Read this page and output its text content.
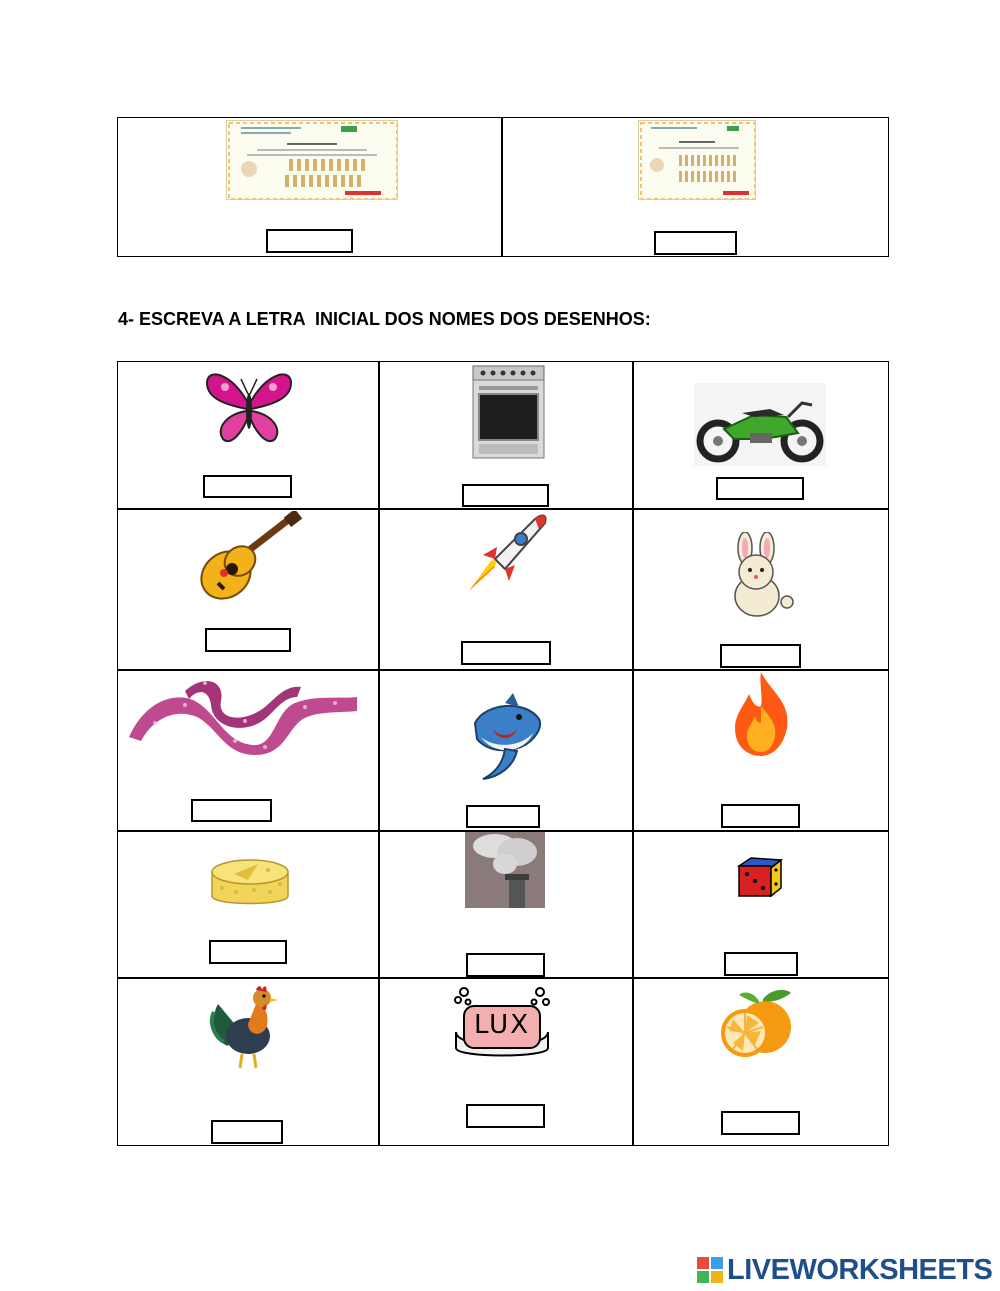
4- ESCREVA A LETRA  INICIAL DOS NOMES DOS DESENHOS:
LUX
LIVEWORKSHEETS
